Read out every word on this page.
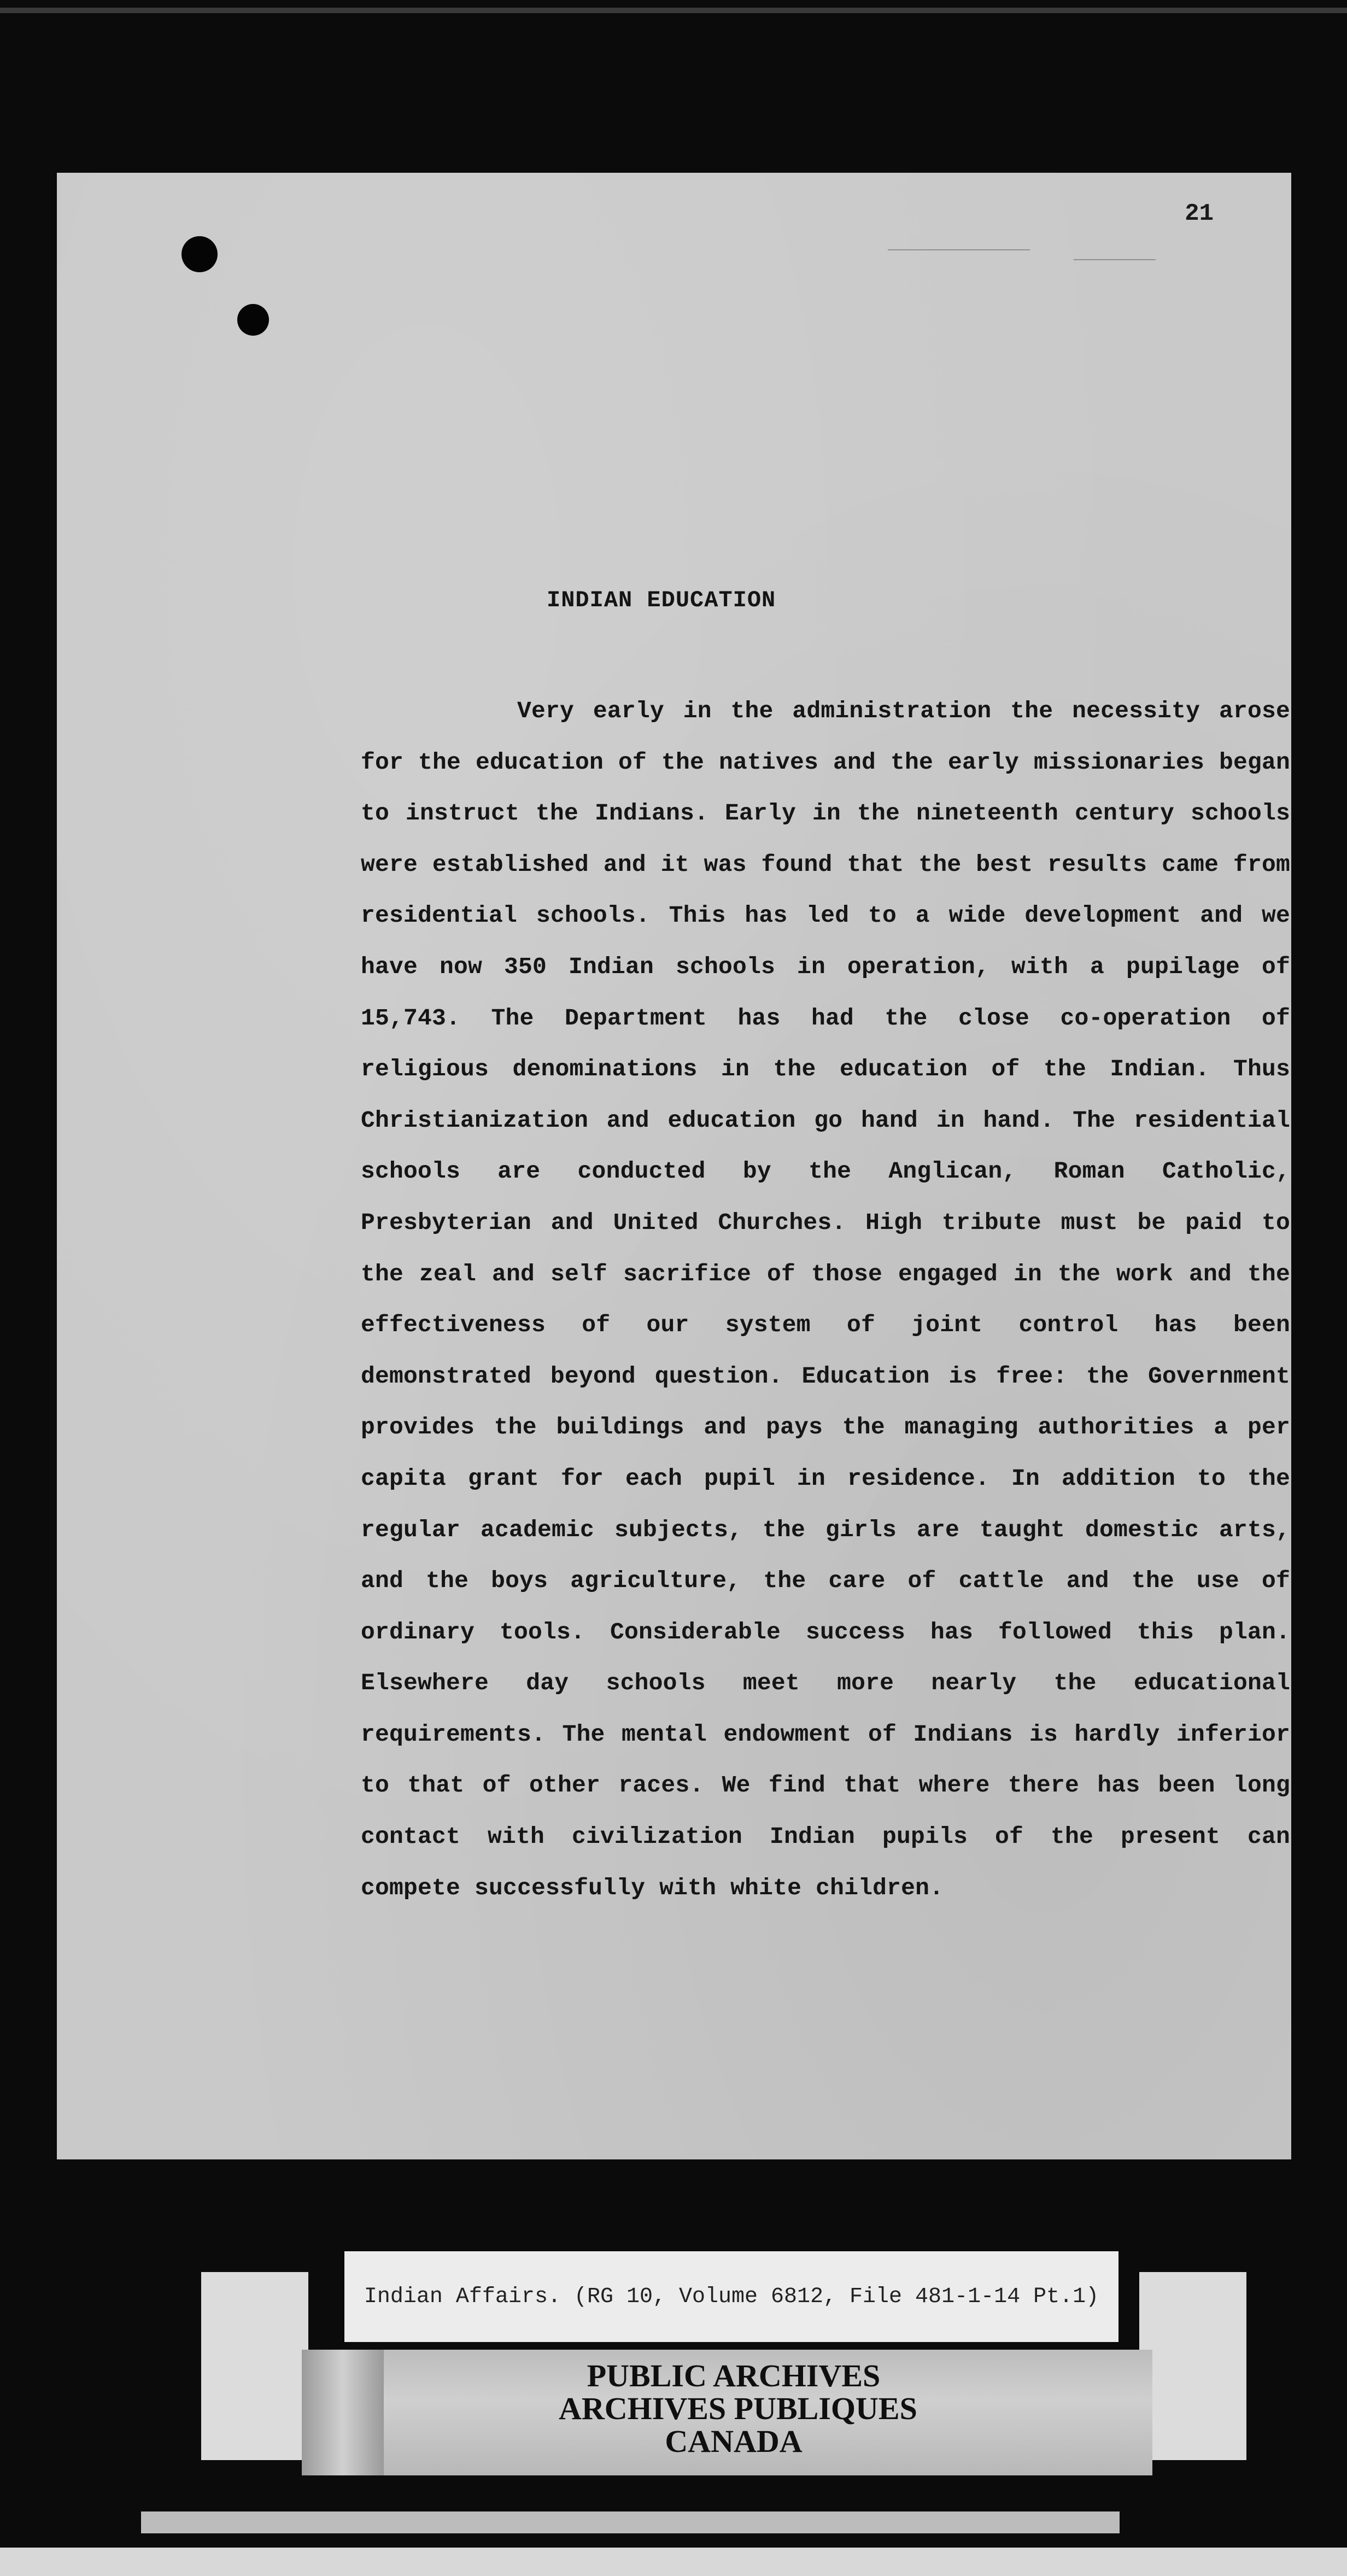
21
INDIAN EDUCATION

Very early in the administration the necessity arose for the education of the natives and the early missionaries began to instruct the Indians. Early in the nineteenth century schools were established and it was found that the best results came from residential schools. This has led to a wide development and we have now 350 Indian schools in operation, with a pupilage of 15,743. The Department has had the close co-operation of religious denominations in the education of the Indian. Thus Christianization and education go hand in hand. The residential schools are conducted by the Anglican, Roman Catholic, Presbyterian and United Churches. High tribute must be paid to the zeal and self sacrifice of those engaged in the work and the effectiveness of our system of joint control has been demonstrated beyond question. Education is free: the Government provides the buildings and pays the managing authorities a per capita grant for each pupil in residence. In addition to the regular academic subjects, the girls are taught domestic arts, and the boys agriculture, the care of cattle and the use of ordinary tools. Considerable success has followed this plan. Elsewhere day schools meet more nearly the educational requirements. The mental endowment of Indians is hardly inferior to that of other races. We find that where there has been long contact with civilization Indian pupils of the present can compete successfully with white children.

Indian Affairs. (RG 10, Volume 6812, File 481-1-14 Pt.1)
PUBLIC ARCHIVES
ARCHIVES PUBLIQUES
CANADA
